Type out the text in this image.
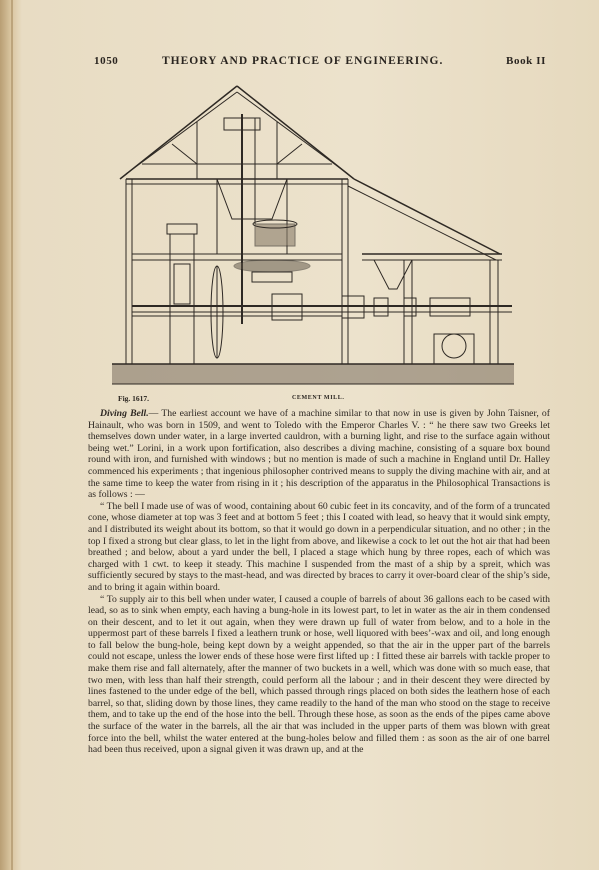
1050	THEORY AND PRACTICE OF ENGINEERING.	Book II
Fig. 1617.	CEMENT MILL.

Diving Bell.— The earliest account we have of a machine similar to that now in use is given by John Taisner, of Hainault, who was born in 1509, and went to Toledo with the Emperor Charles V. : “ he there saw two Greeks let themselves down under water, in a large inverted cauldron, with a burning light, and rise to the surface again without being wet.” Lorini, in a work upon fortification, also describes a diving machine, consisting of a square box bound round with iron, and furnished with windows ; but no mention is made of such a machine in England until Dr. Halley commenced his experiments ; that ingenious philosopher contrived means to supply the diving machine with air, and at the same time to keep the water from rising in it ; his description of the apparatus in the Philosophical Transactions is as follows : —

“ The bell I made use of was of wood, containing about 60 cubic feet in its concavity, and of the form of a truncated cone, whose diameter at top was 3 feet and at bottom 5 feet ; this I coated with lead, so heavy that it would sink empty, and I distributed its weight about its bottom, so that it would go down in a perpendicular situation, and no other ; in the top I fixed a strong but clear glass, to let in the light from above, and likewise a cock to let out the hot air that had been breathed ; and below, about a yard under the bell, I placed a stage which hung by three ropes, each of which was charged with 1 cwt. to keep it steady. This machine I suspended from the mast of a ship by a spreit, which was sufficiently secured by stays to the mast-head, and was directed by braces to carry it over-board clear of the ship’s side, and to bring it again within board.

“ To supply air to this bell when under water, I caused a couple of barrels of about 36 gallons each to be cased with lead, so as to sink when empty, each having a bung-hole in its lowest part, to let in water as the air in them condensed on their descent, and to let it out again, when they were drawn up full of water from below, and to a hole in the uppermost part of these barrels I fixed a leathern trunk or hose, well liquored with bees’-wax and oil, and long enough to fall below the bung-hole, being kept down by a weight appended, so that the air in the upper part of the barrels could not escape, unless the lower ends of these hose were first lifted up : I fitted these air barrels with tackle proper to make them rise and fall alternately, after the manner of two buckets in a well, which was done with so much ease, that two men, with less than half their strength, could perform all the labour ; and in their descent they were directed by lines fastened to the under edge of the bell, which passed through rings placed on both sides the leathern hose of each barrel, so that, sliding down by those lines, they came readily to the hand of the man who stood on the stage to receive them, and to take up the end of the hose into the bell. Through these hose, as soon as the ends of the pipes came above the surface of the water in the barrels, all the air that was included in the upper parts of them was blown with great force into the bell, whilst the water entered at the bung-holes below and filled them : as soon as the air of one barrel had been thus received, upon a signal given it was drawn up, and at the
